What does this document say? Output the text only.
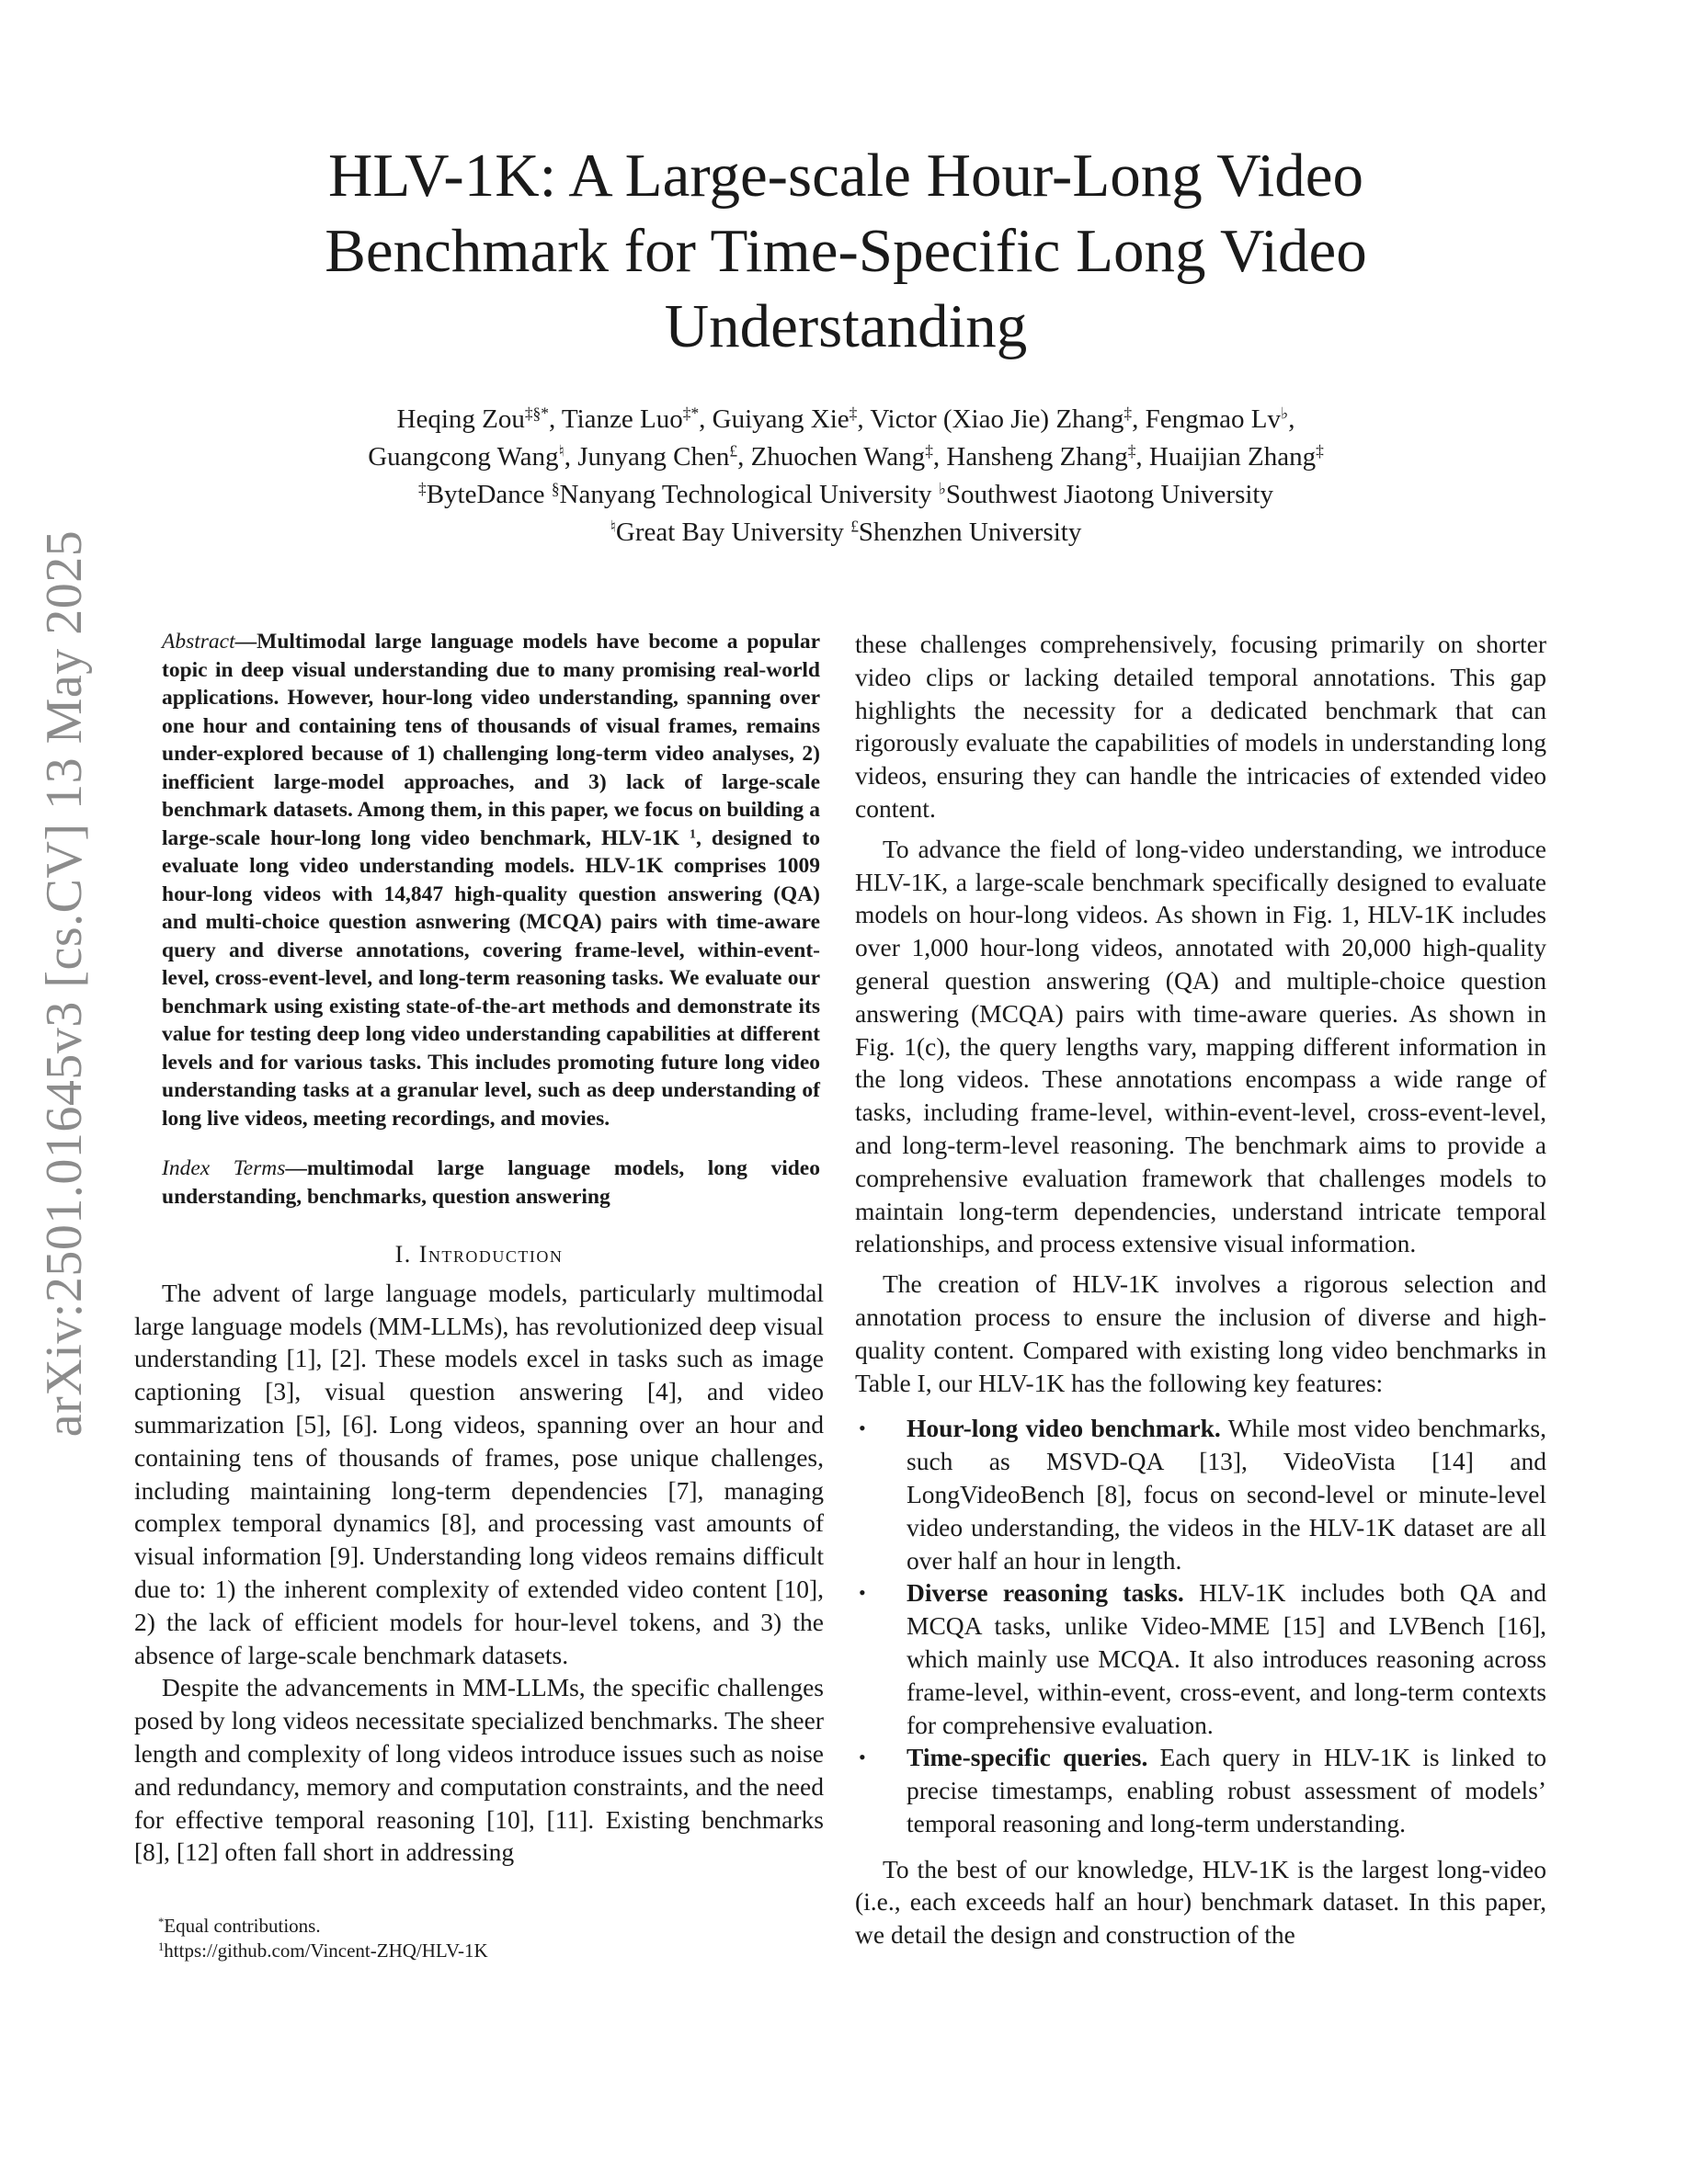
arXiv:2501.01645v3 [cs.CV] 13 May 2025
HLV-1K: A Large-scale Hour-Long Video
Benchmark for Time-Specific Long Video
Understanding
Heqing Zou‡§*, Tianze Luo‡*, Guiyang Xie‡, Victor (Xiao Jie) Zhang‡, Fengmao Lv♭,
Guangcong Wang♮, Junyang Chen£, Zhuochen Wang‡, Hansheng Zhang‡, Huaijian Zhang‡
‡ByteDance §Nanyang Technological University ♭Southwest Jiaotong University
♮Great Bay University £Shenzhen University

Abstract—Multimodal large language models have become a popular topic in deep visual understanding due to many promising real-world applications. However, hour-long video understanding, spanning over one hour and containing tens of thousands of visual frames, remains under-explored because of 1) challenging long-term video analyses, 2) inefficient large-model approaches, and 3) lack of large-scale benchmark datasets. Among them, in this paper, we focus on building a large-scale hour-long long video benchmark, HLV-1K $^1$, designed to evaluate long video understanding models. HLV-1K comprises 1009 hour-long videos with 14,847 high-quality question answering (QA) and multi-choice question asnwering (MCQA) pairs with time-aware query and diverse annotations, covering frame-level, within-event-level, cross-event-level, and long-term reasoning tasks. We evaluate our benchmark using existing state-of-the-art methods and demonstrate its value for testing deep long video understanding capabilities at different levels and for various tasks. This includes promoting future long video understanding tasks at a granular level, such as deep understanding of long live videos, meeting recordings, and movies.

Index Terms—multimodal large language models, long video understanding, benchmarks, question answering

I. Introduction

The advent of large language models, particularly multimodal large language models (MM-LLMs), has revolutionized deep visual understanding [1], [2]. These models excel in tasks such as image captioning [3], visual question answering [4], and video summarization [5], [6]. Long videos, spanning over an hour and containing tens of thousands of frames, pose unique challenges, including maintaining long-term dependencies [7], managing complex temporal dynamics [8], and processing vast amounts of visual information [9]. Understanding long videos remains difficult due to: 1) the inherent complexity of extended video content [10], 2) the lack of efficient models for hour-level tokens, and 3) the absence of large-scale benchmark datasets.

Despite the advancements in MM-LLMs, the specific challenges posed by long videos necessitate specialized benchmarks. The sheer length and complexity of long videos introduce issues such as noise and redundancy, memory and computation constraints, and the need for effective temporal reasoning [10], [11]. Existing benchmarks [8], [12] often fall short in addressing

these challenges comprehensively, focusing primarily on shorter video clips or lacking detailed temporal annotations. This gap highlights the necessity for a dedicated benchmark that can rigorously evaluate the capabilities of models in understanding long videos, ensuring they can handle the intricacies of extended video content.

To advance the field of long-video understanding, we introduce HLV-1K, a large-scale benchmark specifically designed to evaluate models on hour-long videos. As shown in Fig. 1, HLV-1K includes over 1,000 hour-long videos, annotated with 20,000 high-quality general question answering (QA) and multiple-choice question answering (MCQA) pairs with time-aware queries. As shown in Fig. 1(c), the query lengths vary, mapping different information in the long videos. These annotations encompass a wide range of tasks, including frame-level, within-event-level, cross-event-level, and long-term-level reasoning. The benchmark aims to provide a comprehensive evaluation framework that challenges models to maintain long-term dependencies, understand intricate temporal relationships, and process extensive visual information.

The creation of HLV-1K involves a rigorous selection and annotation process to ensure the inclusion of diverse and high-quality content. Compared with existing long video benchmarks in Table I, our HLV-1K has the following key features:

• Hour-long video benchmark. While most video benchmarks, such as MSVD-QA [13], VideoVista [14] and LongVideoBench [8], focus on second-level or minute-level video understanding, the videos in the HLV-1K dataset are all over half an hour in length.
• Diverse reasoning tasks. HLV-1K includes both QA and MCQA tasks, unlike Video-MME [15] and LVBench [16], which mainly use MCQA. It also introduces reasoning across frame-level, within-event, cross-event, and long-term contexts for comprehensive evaluation.
• Time-specific queries. Each query in HLV-1K is linked to precise timestamps, enabling robust assessment of models’ temporal reasoning and long-term understanding.

To the best of our knowledge, HLV-1K is the largest long-video (i.e., each exceeds half an hour) benchmark dataset. In this paper, we detail the design and construction of the

*Equal contributions.
$^1$https://github.com/Vincent-ZHQ/HLV-1K
